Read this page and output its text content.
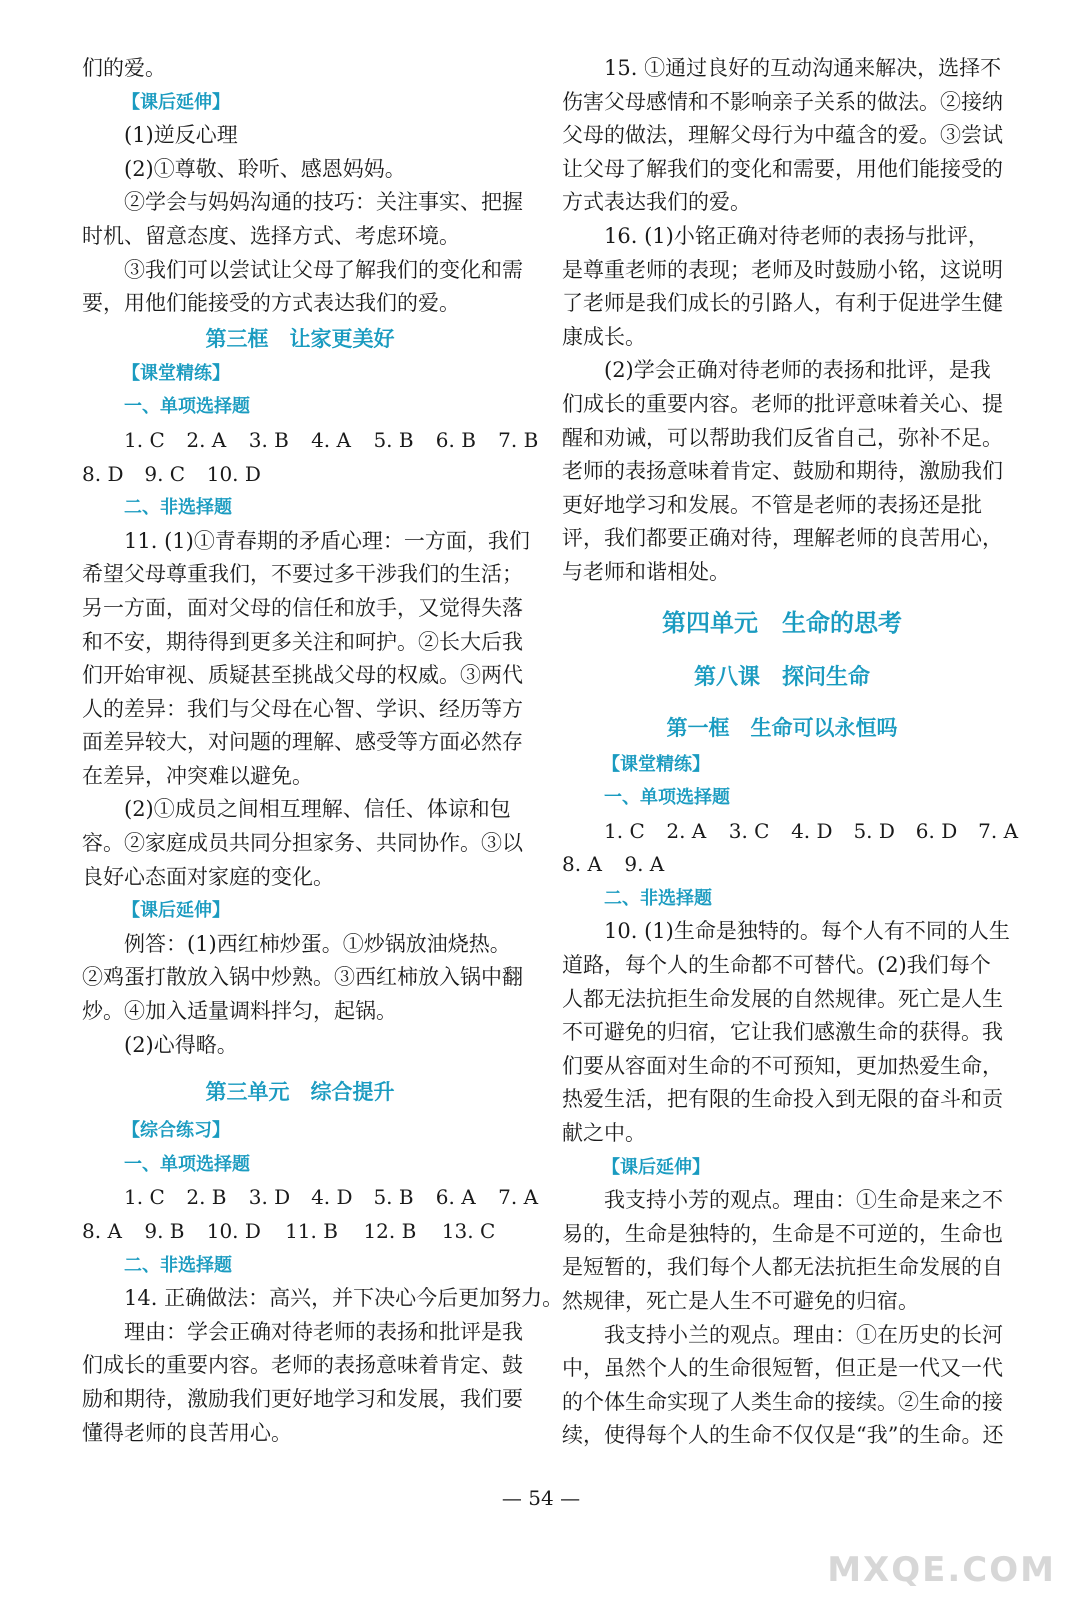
们的爱。
【课后延伸】
(1)逆反心理
(2)①尊敬、聆听、感恩妈妈。
②学会与妈妈沟通的技巧：关注事实、把握
时机、留意态度、选择方式、考虑环境。
③我们可以尝试让父母了解我们的变化和需
要，用他们能接受的方式表达我们的爱。
第三框　让家更美好
【课堂精练】
一、单项选择题
1. C 2. A 3. B 4. A 5. B 6. B 7. B
8. D 9. C 10. D
二、非选择题
11. (1)①青春期的矛盾心理：一方面，我们
希望父母尊重我们，不要过多干涉我们的生活；
另一方面，面对父母的信任和放手，又觉得失落
和不安，期待得到更多关注和呵护。②长大后我
们开始审视、质疑甚至挑战父母的权威。③两代
人的差异：我们与父母在心智、学识、经历等方
面差异较大，对问题的理解、感受等方面必然存
在差异，冲突难以避免。
(2)①成员之间相互理解、信任、体谅和包
容。②家庭成员共同分担家务、共同协作。③以
良好心态面对家庭的变化。
【课后延伸】
例答：(1)西红柿炒蛋。①炒锅放油烧热。
②鸡蛋打散放入锅中炒熟。③西红柿放入锅中翻
炒。④加入适量调料拌匀，起锅。
(2)心得略。
第三单元　综合提升
【综合练习】
一、单项选择题
1. C 2. B 3. D 4. D 5. B 6. A 7. A
8. A 9. B 10. D 11. B 12. B 13. C
二、非选择题
14. 正确做法：高兴，并下决心今后更加努力。
理由：学会正确对待老师的表扬和批评是我
们成长的重要内容。老师的表扬意味着肯定、鼓
励和期待，激励我们更好地学习和发展，我们要
懂得老师的良苦用心。
15. ①通过良好的互动沟通来解决，选择不
伤害父母感情和不影响亲子关系的做法。②接纳
父母的做法，理解父母行为中蕴含的爱。③尝试
让父母了解我们的变化和需要，用他们能接受的
方式表达我们的爱。
16. (1)小铭正确对待老师的表扬与批评，
是尊重老师的表现；老师及时鼓励小铭，这说明
了老师是我们成长的引路人，有利于促进学生健
康成长。
(2)学会正确对待老师的表扬和批评，是我
们成长的重要内容。老师的批评意味着关心、提
醒和劝诫，可以帮助我们反省自己，弥补不足。
老师的表扬意味着肯定、鼓励和期待，激励我们
更好地学习和发展。不管是老师的表扬还是批
评，我们都要正确对待，理解老师的良苦用心，
与老师和谐相处。
第四单元　生命的思考
第八课　探问生命
第一框　生命可以永恒吗
【课堂精练】
一、单项选择题
1. C 2. A 3. C 4. D 5. D 6. D 7. A
8. A 9. A
二、非选择题
10. (1)生命是独特的。每个人有不同的人生
道路，每个人的生命都不可替代。(2)我们每个
人都无法抗拒生命发展的自然规律。死亡是人生
不可避免的归宿，它让我们感激生命的获得。我
们要从容面对生命的不可预知，更加热爱生命，
热爱生活，把有限的生命投入到无限的奋斗和贡
献之中。
【课后延伸】
我支持小芳的观点。理由：①生命是来之不
易的，生命是独特的，生命是不可逆的，生命也
是短暂的，我们每个人都无法抗拒生命发展的自
然规律，死亡是人生不可避免的归宿。
我支持小兰的观点。理由：①在历史的长河
中，虽然个人的生命很短暂，但正是一代又一代
的个体生命实现了人类生命的接续。②生命的接
续，使得每个人的生命不仅仅是“我”的生命。还
— 54 —
MXQE.COM
